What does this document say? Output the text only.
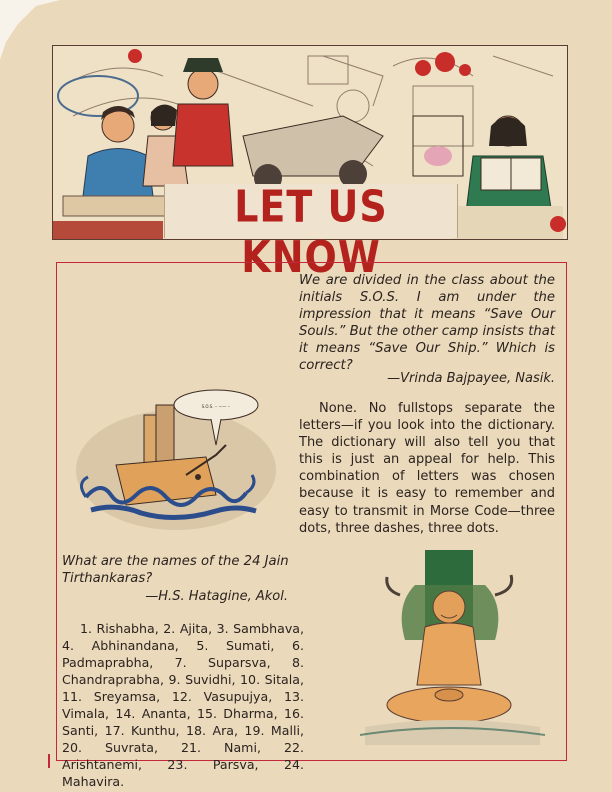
LET US KNOW
We are divided in the class about the initials S.O.S. I am under the impression that it means “Save Our Souls.” But the other camp insists that it means “Save Our Ship.” Which is correct?
—Vrinda Bajpayee, Nasik.
None. No fullstops separate the letters—if you look into the dictionary. The dictionary will also tell you that this is just an appeal for help. This combination of letters was chosen because it is easy to remember and easy to transmit in Morse Code—three dots, three dashes, three dots.
S.O.S. ·· —— ··
What are the names of the 24 Jain Tirthankaras?
—H.S. Hatagine, Akol.
1. Rishabha, 2. Ajita, 3. Sambhava, 4. Abhinandana, 5. Sumati, 6. Padmaprabha, 7. Suparsva, 8. Chandraprabha, 9. Suvidhi, 10. Sitala, 11. Sreyamsa, 12. Vasupujya, 13. Vimala, 14. Ananta, 15. Dharma, 16. Santi, 17. Kunthu, 18. Ara, 19. Malli, 20. Suvrata, 21. Nami, 22. Arishtanemi, 23. Parsva, 24. Mahavira.
